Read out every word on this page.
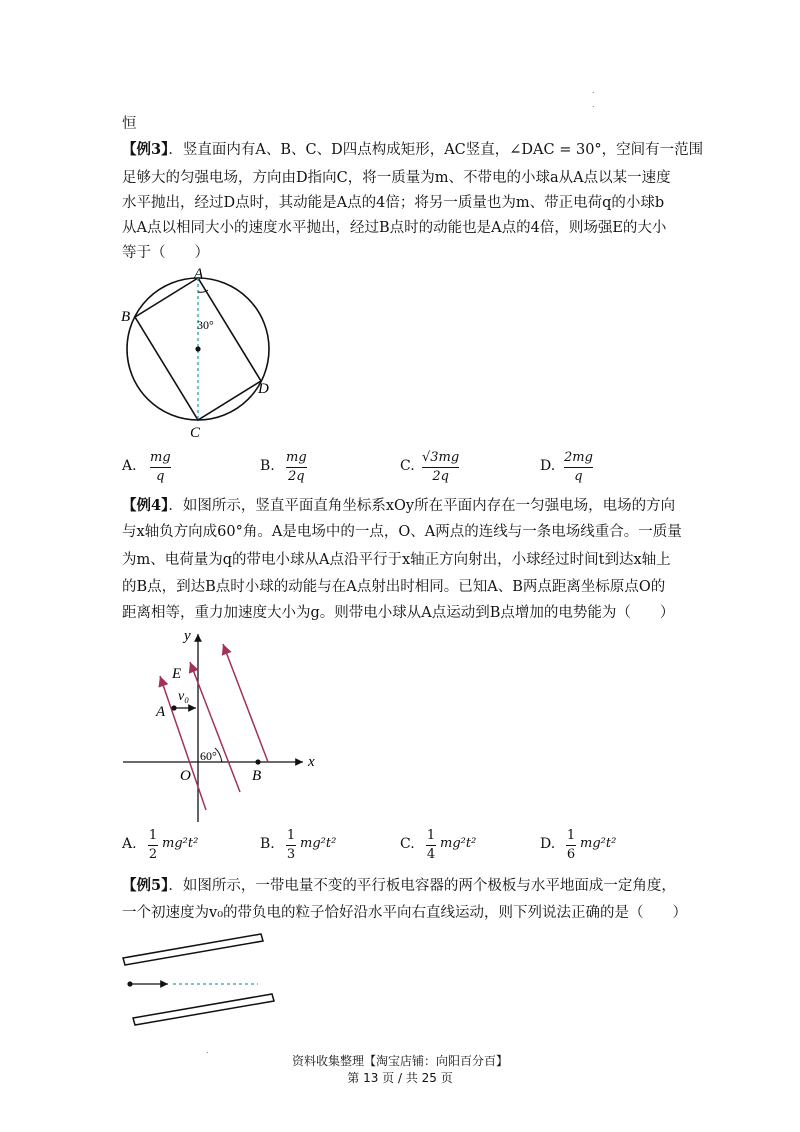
.
.
恒
【例3】．竖直面内有A、B、C、D四点构成矩形，AC竖直，∠DAC = 30°，空间有一范围
足够大的匀强电场，方向由D指向C，将一质量为m、不带电的小球a从A点以某一速度
水平抛出，经过D点时，其动能是A点的4倍；将另一质量也为m、带正电荷q的小球b
从A点以相同大小的速度水平抛出，经过B点时的动能也是A点的4倍，则场强E的大小
等于（　　）
A
B
C
D
30°
A.
mg
q
B.
mg
2q
C.
√3mg
2q
D.
2mg
q
【例4】．如图所示，竖直平面直角坐标系xOy所在平面内存在一匀强电场，电场的方向
与x轴负方向成60°角。A是电场中的一点，O、A两点的连线与一条电场线重合。一质量
为m、电荷量为q的带电小球从A点沿平行于x轴正方向射出，小球经过时间t到达x轴上
的B点，到达B点时小球的动能与在A点射出时相同。已知A、B两点距离坐标原点O的
距离相等，重力加速度大小为g。则带电小球从A点运动到B点增加的电势能为（　　）
y
x
O
A
B
E
v₀
60°
A.
1
2
mg²t²	B.
1
3
mg²t²	C.
1
4
mg²t²	D.
1
6
mg²t²
【例5】．如图所示，一带电量不变的平行板电容器的两个极板与水平地面成一定角度，
一个初速度为v₀的带负电的粒子恰好沿水平向右直线运动，则下列说法正确的是（　　）
.
资料收集整理【淘宝店铺：向阳百分百】
第 13 页 / 共 25 页
